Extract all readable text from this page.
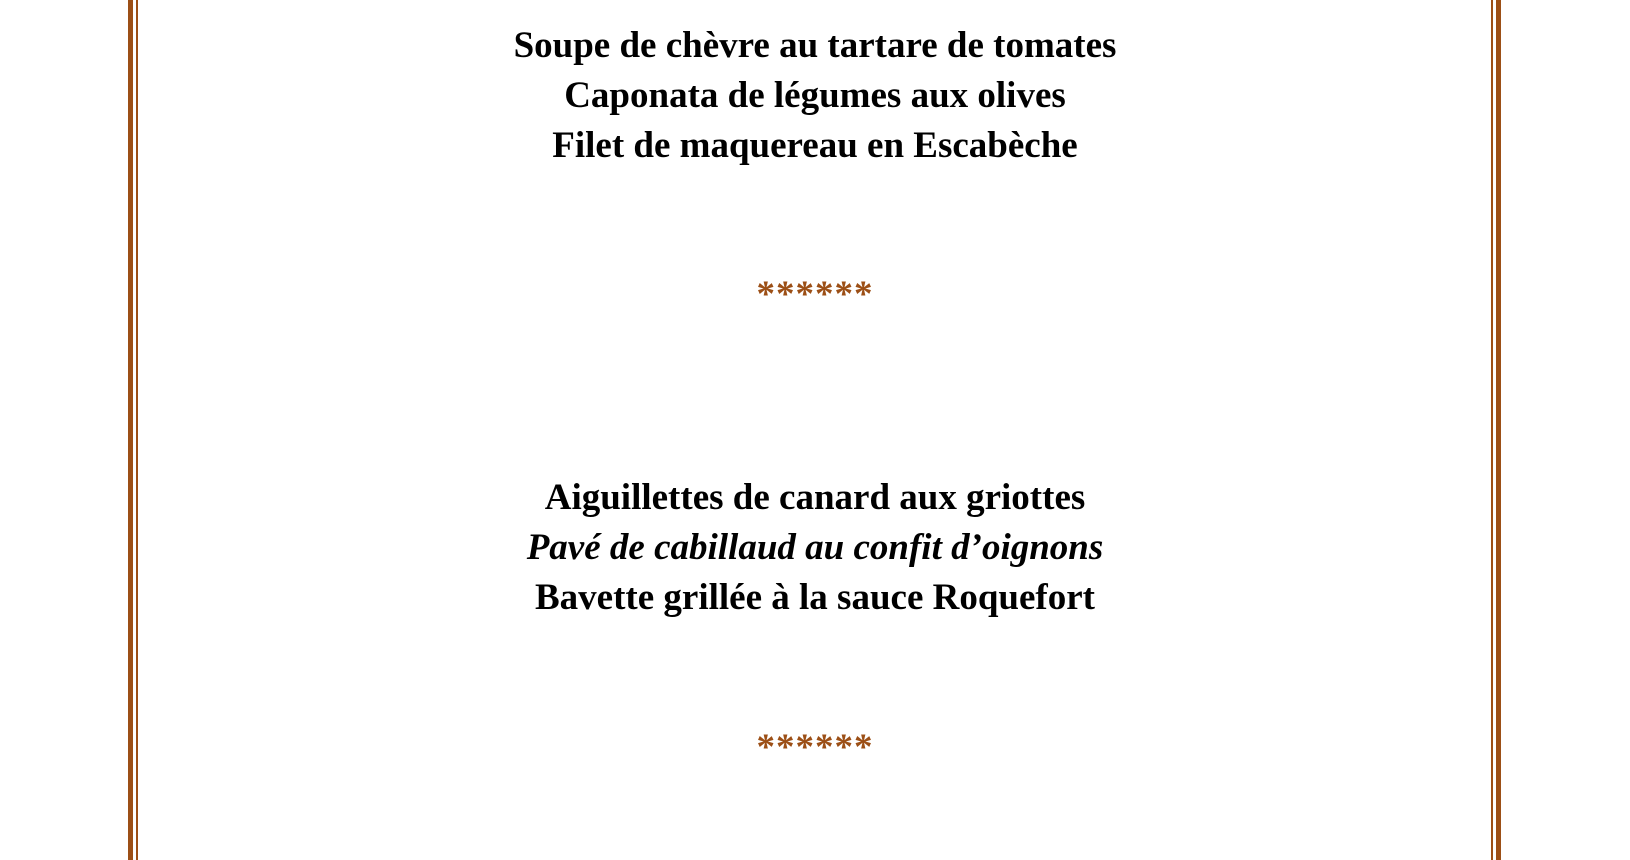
Soupe de chèvre au tartare de tomates
Caponata de légumes aux olives
Filet de maquereau en Escabèche
******
Aiguillettes de canard aux griottes
Pavé de cabillaud au confit d’oignons
Bavette grillée à la sauce Roquefort
******
